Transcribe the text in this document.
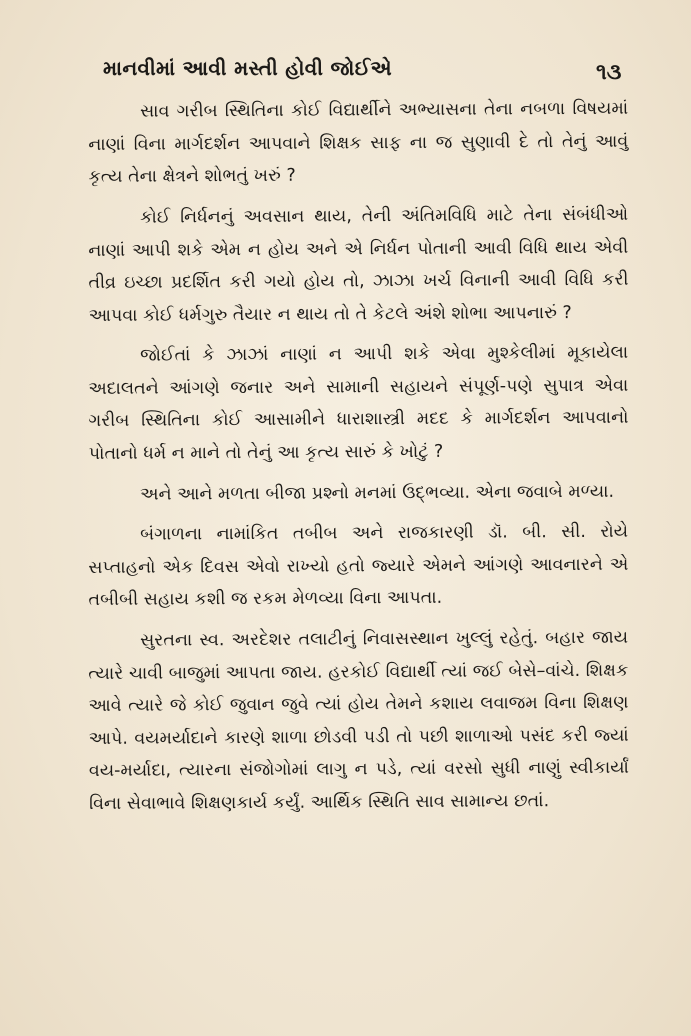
માનવીમાં આવી મસ્તી હોવી જોઈએ	૧૩

સાવ ગરીબ સ્થિતિના કોઈ વિદ્યાર્થીને અભ્યાસના તેના નબળા વિષયમાં નાણાં વિના માર્ગદર્શન આપવાને શિક્ષક સાફ ના જ સુણાવી દે તો તેનું આવું કૃત્ય તેના ક્ષેત્રને શોભતું ખરું ?

કોઈ નિર્ધનનું અવસાન થાય, તેની અંતિમવિધિ માટે તેના સંબંધીઓ નાણાં આપી શકે એમ ન હોય અને એ નિર્ધન પોતાની આવી વિધિ થાય એવી તીવ્ર ઇચ્છા પ્રદર્શિત કરી ગયો હોય તો, ઝાઝા ખર્ચ વિનાની આવી વિધિ કરી આપવા કોઈ ધર્મગુરુ તૈયાર ન થાય તો તે કેટલે અંશે શોભા આપનારું ?

જોઈતાં કે ઝાઝાં નાણાં ન આપી શકે એવા મુશ્કેલીમાં મૂકાયેલા અદાલતને આંગણે જનાર અને સામાની સહાયને સંપૂર્ણ-પણે સુપાત્ર એવા ગરીબ સ્થિતિના કોઈ આસામીને ધારાશાસ્ત્રી મદદ કે માર્ગદર્શન આપવાનો પોતાનો ધર્મ ન માને તો તેનું આ કૃત્ય સારું કે ખોટું ?

અને આને મળતા બીજા પ્રશ્નો મનમાં ઉદ્ભવ્યા. એના જવાબે મળ્યા.

બંગાળના નામાંકિત તબીબ અને રાજકારણી ડૉ. બી. સી. રોયે સપ્તાહનો એક દિવસ એવો રાખ્યો હતો જ્યારે એમને આંગણે આવનારને એ તબીબી સહાય કશી જ રકમ મેળવ્યા વિના આપતા.

સુરતના સ્વ. અરદેશર તલાટીનું નિવાસસ્થાન ખુલ્લું રહેતું. બહાર જાય ત્યારે ચાવી બાજુમાં આપતા જાય. હરકોઈ વિદ્યાર્થી ત્યાં જઈ બેસે–વાંચે. શિક્ષક આવે ત્યારે જે કોઈ જુવાન જુવે ત્યાં હોય તેમને કશાય લવાજમ વિના શિક્ષણ આપે. વયમર્યાદાને કારણે શાળા છોડવી પડી તો પછી શાળાઓ પસંદ કરી જ્યાં વય-મર્યાદા, ત્યારના સંજોગોમાં લાગુ ન પડે, ત્યાં વરસો સુધી નાણું સ્વીકાર્યાં વિના સેવાભાવે શિક્ષણકાર્ય કર્યું. આર્થિક સ્થિતિ સાવ સામાન્ય છતાં.
